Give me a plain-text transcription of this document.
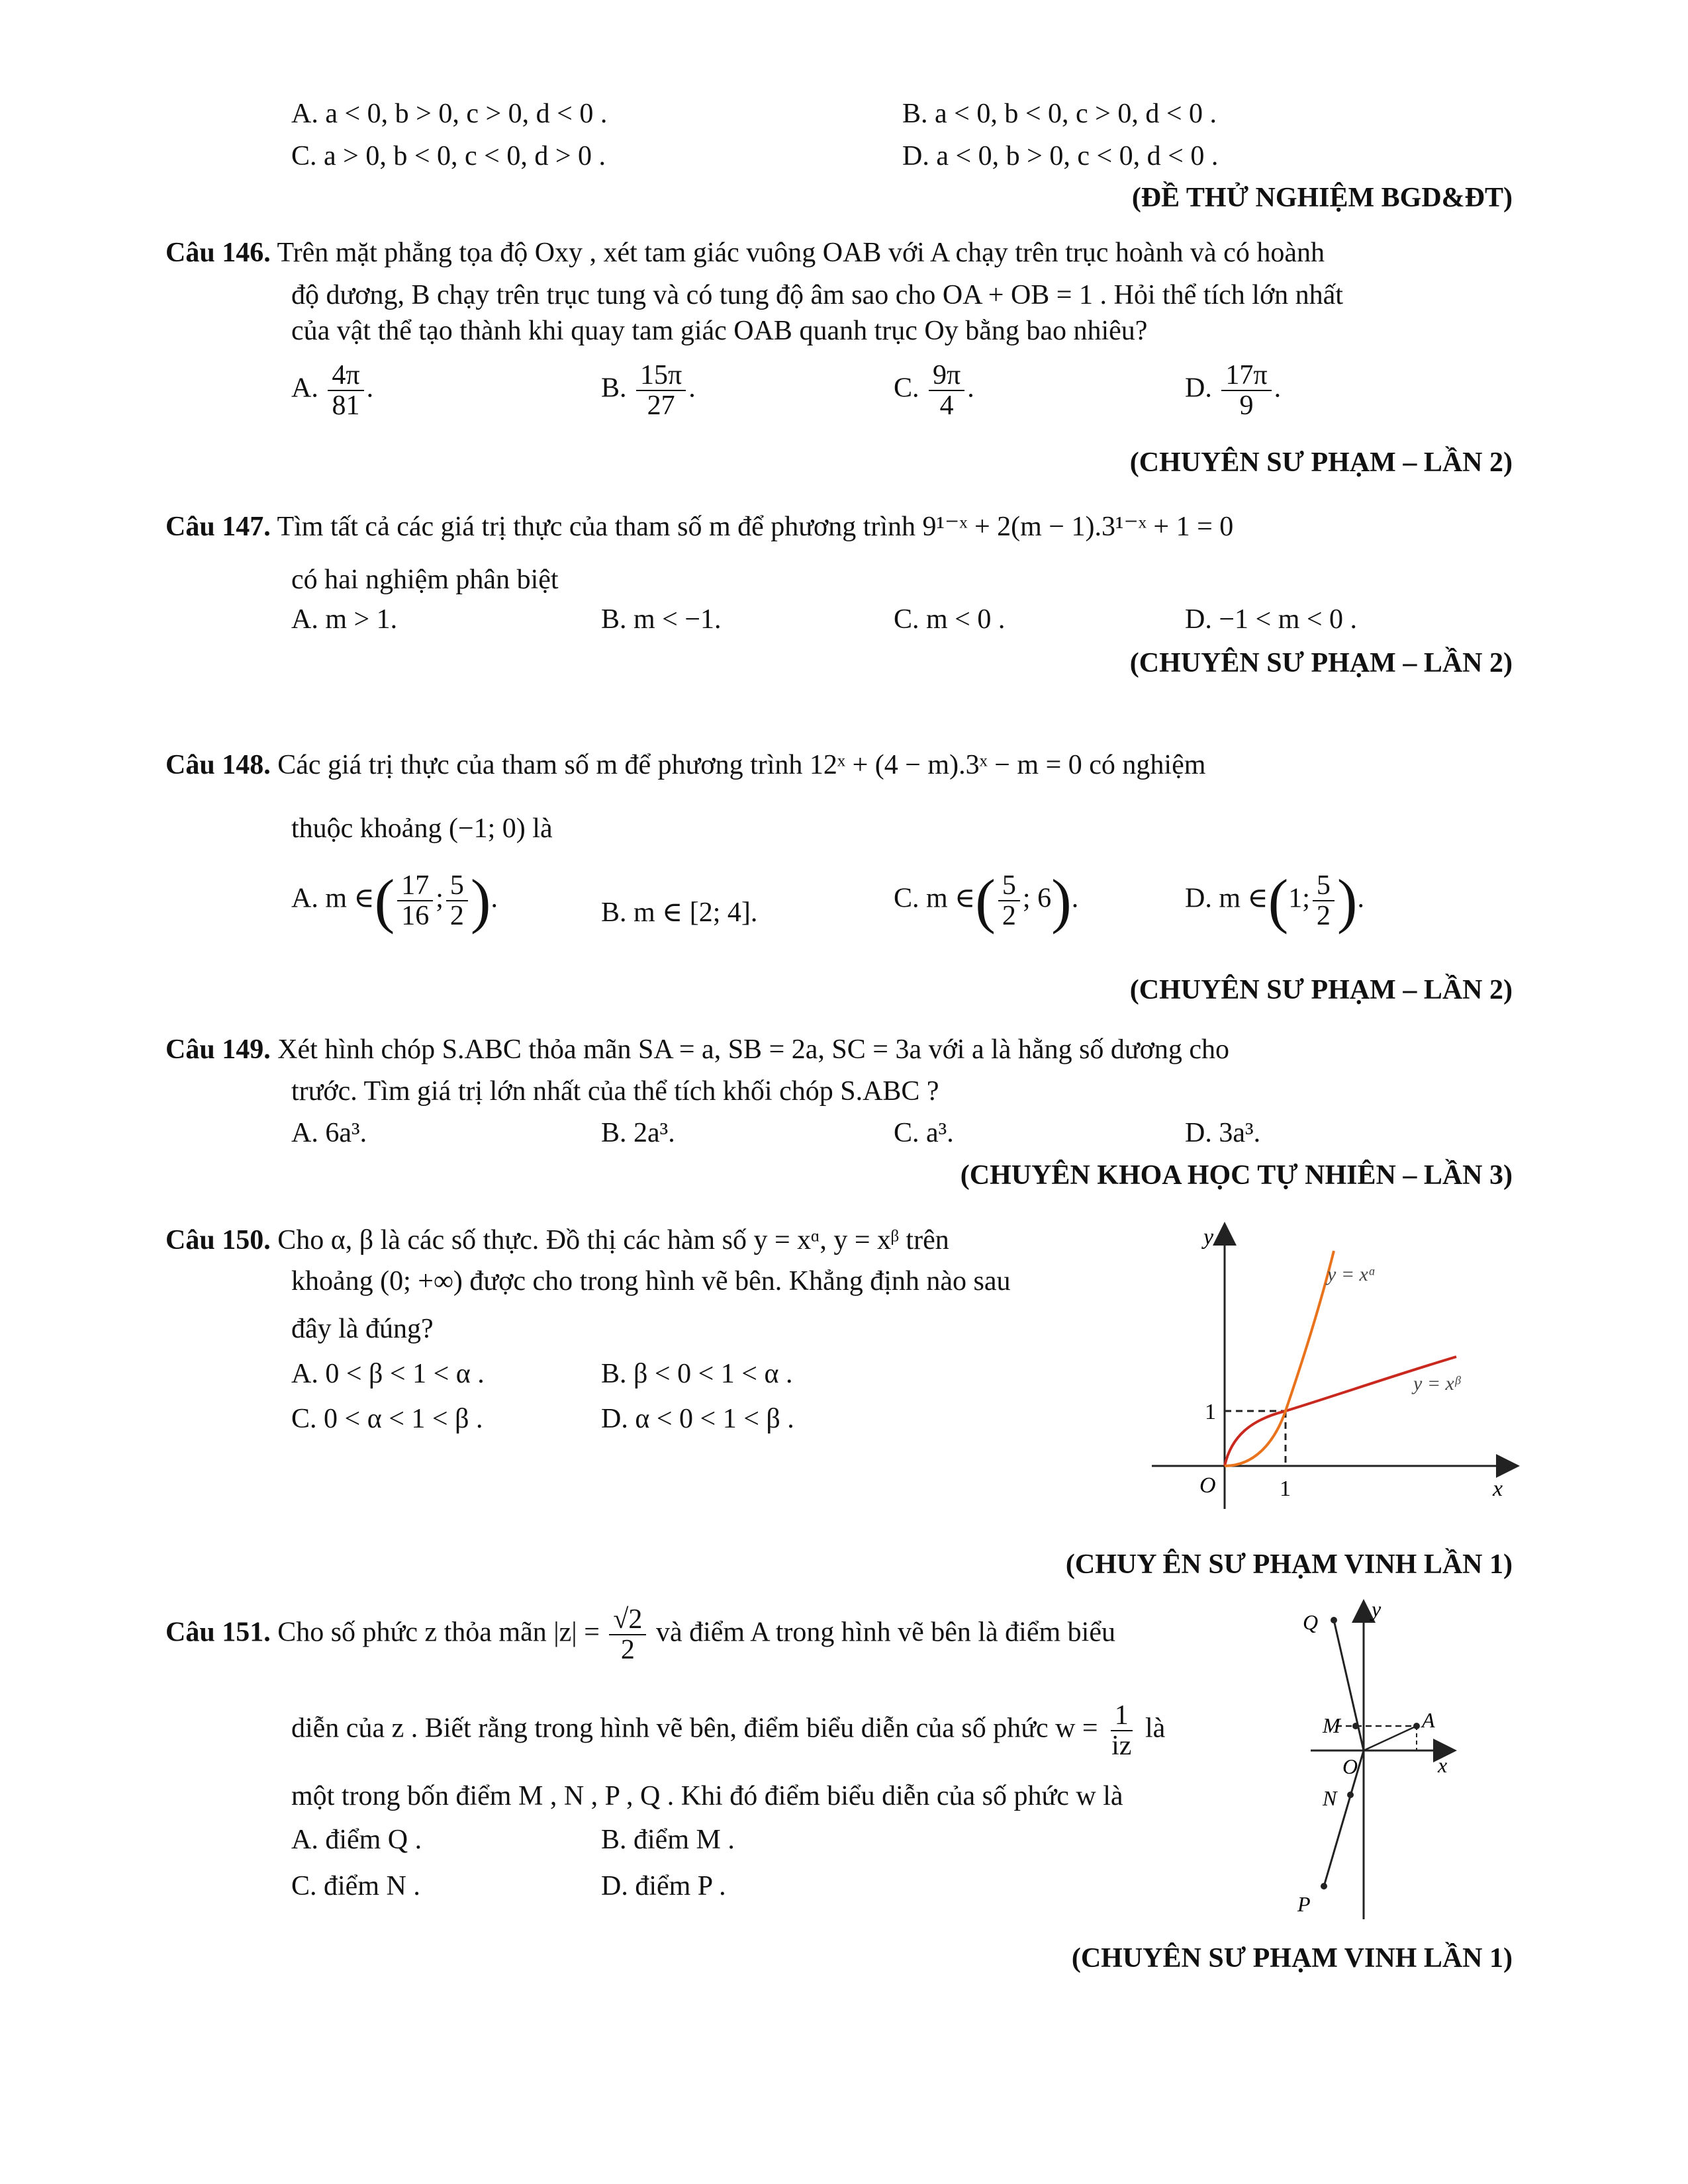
A. a < 0, b > 0, c > 0, d < 0 .	B. a < 0, b < 0, c > 0, d < 0 .
C. a > 0, b < 0, c < 0, d > 0 .	D. a < 0, b > 0, c < 0, d < 0 .
(ĐỀ THỬ NGHIỆM BGD&ĐT)
Câu 146. Trên mặt phẳng tọa độ Oxy , xét tam giác vuông OAB với A chạy trên trục hoành và có hoành
độ dương, B chạy trên trục tung và có tung độ âm sao cho OA + OB = 1 . Hỏi thể tích lớn nhất
của vật thể tạo thành khi quay tam giác OAB quanh trục Oy bằng bao nhiêu?
A. $\frac{4\pi}{81}$ .	B. $\frac{15\pi}{27}$ .	C. $\frac{9\pi}{4}$ .	D. $\frac{17\pi}{9}$ .
(CHUYÊN SƯ PHẠM – LẦN 2)
Câu 147. Tìm tất cả các giá trị thực của tham số m để phương trình 9¹⁻ˣ + 2(m − 1).3¹⁻ˣ + 1 = 0
có hai nghiệm phân biệt
A. m > 1.	B. m < −1.	C. m < 0 .	D. −1 < m < 0 .
(CHUYÊN SƯ PHẠM – LẦN 2)
Câu 148. Các giá trị thực của tham số m để phương trình 12ˣ + (4 − m).3ˣ − m = 0 có nghiệm
thuộc khoảng (−1; 0) là
A. m ∈( $\frac{17}{16}$ ; $\frac{5}{2}$ ).	B. m ∈ [2; 4].	C. m ∈( $\frac{5}{2}$ ; 6).	D. m ∈(1; $\frac{5}{2}$ ).
(CHUYÊN SƯ PHẠM – LẦN 2)
Câu 149. Xét hình chóp S.ABC thỏa mãn SA = a, SB = 2a, SC = 3a với a là hằng số dương cho
trước. Tìm giá trị lớn nhất của thể tích khối chóp S.ABC ?
A. 6a³.	B. 2a³.	C. a³.	D. 3a³.
(CHUYÊN KHOA HỌC TỰ NHIÊN – LẦN 3)
Câu 150. Cho α, β là các số thực. Đồ thị các hàm số y = xᵅ, y = xᵝ trên
khoảng (0; +∞) được cho trong hình vẽ bên. Khẳng định nào sau
đây là đúng?
A. 0 < β < 1 < α .	B. β < 0 < 1 < α .
C. 0 < α < 1 < β .	D. α < 0 < 1 < β .
y
x
O	1
1
y = xᵅ
y = xᵝ
(CHUY ÊN SƯ PHẠM VINH LẦN 1)
Câu 151. Cho số phức z thỏa mãn $|z| = \frac{√2}{2}$ và điểm A trong hình vẽ bên là điểm biểu
diễn của z . Biết rằng trong hình vẽ bên, điểm biểu diễn của số phức $w = \frac{1}{iz}$ là
một trong bốn điểm M , N , P , Q . Khi đó điểm biểu diễn của số phức w là
A. điểm Q .	B. điểm M .
C. điểm N .	D. điểm P .
Q
y
M	A
O	x
N
P
(CHUYÊN SƯ PHẠM VINH LẦN 1)
